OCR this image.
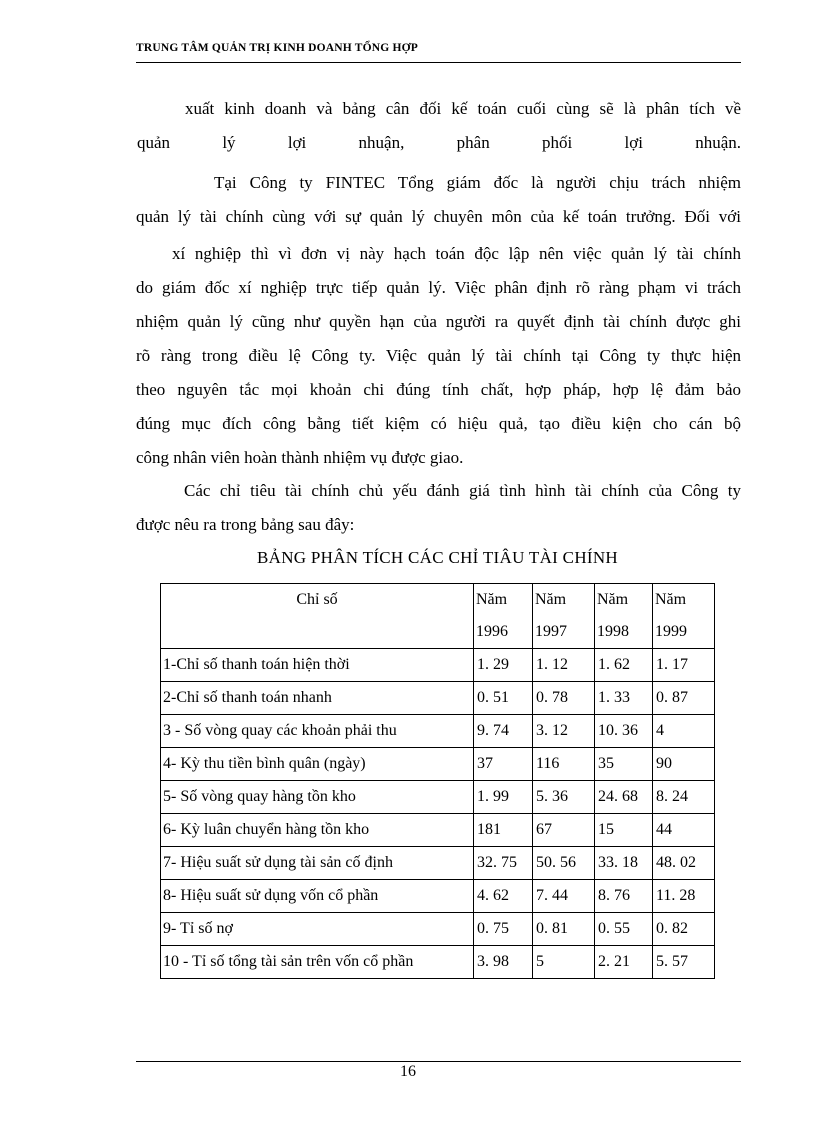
TRUNG TÂM QUẢN TRỊ KINH DOANH TỔNG HỢP
xuất kinh doanh và bảng cân đối kế toán cuối cùng sẽ là phân tích về
quản lý lợi nhuận, phân phối lợi nhuận.
Tại Công ty FINTEC Tổng giám đốc là người chịu trách nhiệm
quản lý tài chính cùng với sự quản lý chuyên môn của kế toán trưởng. Đối với
xí nghiệp thì vì đơn vị này hạch toán độc lập nên việc quản lý tài chính
do giám đốc xí nghiệp trực tiếp quản lý. Việc phân định rõ ràng phạm vi trách
nhiệm quản lý cũng như quyền hạn của người ra quyết định tài chính được ghi
rõ ràng trong điều lệ Công ty. Việc quản lý tài chính tại Công ty thực hiện
theo nguyên tắc mọi khoản chi đúng tính chất, hợp pháp, hợp lệ đảm bảo
đúng mục đích công bằng tiết kiệm có hiệu quả, tạo điều kiện cho cán bộ
công nhân viên hoàn thành nhiệm vụ được giao.
Các chỉ tiêu tài chính chủ yếu đánh giá tình hình tài chính của Công ty
được nêu ra trong bảng sau đây:
BẢNG PHÂN TÍCH CÁC CHỈ TIÂU TÀI CHÍNH
Chỉ số	Năm 1996	Năm 1997	Năm 1998	Năm 1999
1-Chỉ số thanh toán hiện thời	1. 29	1. 12	1. 62	1. 17
2-Chỉ số thanh toán nhanh	0. 51	0. 78	1. 33	0. 87
3 - Số vòng quay các khoản phải thu	9. 74	3. 12	10. 36	4
4- Kỳ thu tiền bình quân (ngày)	37	116	35	90
5- Số vòng quay hàng tồn kho	1. 99	5. 36	24. 68	8. 24
6- Kỳ luân chuyển hàng tồn kho	181	67	15	44
7- Hiệu suất sử dụng tài sản cố định	32. 75	50. 56	33. 18	48. 02
8- Hiệu suất sử dụng vốn cổ phần	4. 62	7. 44	8. 76	11. 28
9- Tỉ số nợ	0. 75	0. 81	0. 55	0. 82
10 - Tỉ số tổng tài sản trên vốn cổ phần	3. 98	5	2. 21	5. 57
16
